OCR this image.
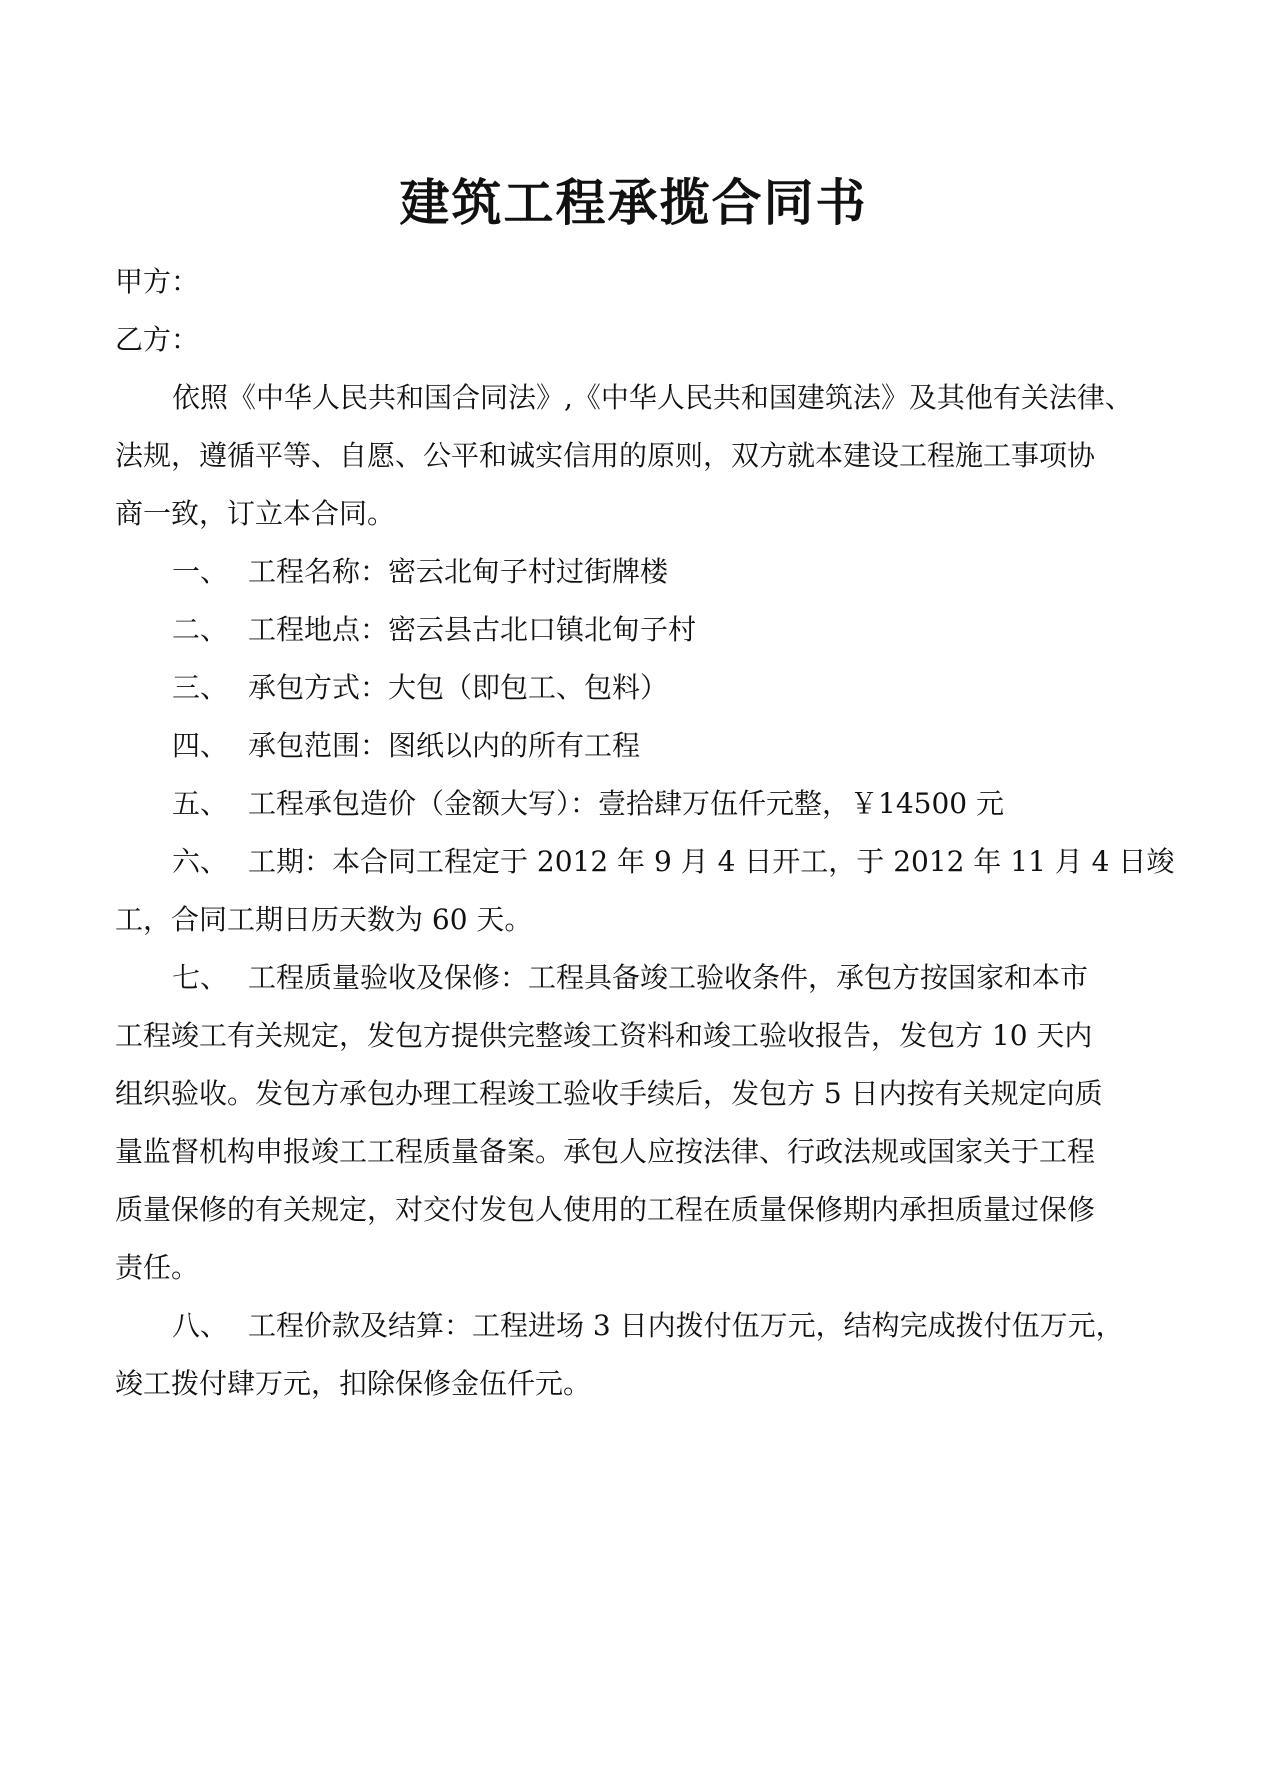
建筑工程承揽合同书
甲方：
乙方：
依照《中华人民共和国合同法》,《中华人民共和国建筑法》及其他有关法律、
法规，遵循平等、自愿、公平和诚实信用的原则，双方就本建设工程施工事项协
商一致，订立本合同。
一、 工程名称：密云北甸子村过街牌楼
二、 工程地点：密云县古北口镇北甸子村
三、 承包方式：大包（即包工、包料）
四、 承包范围：图纸以内的所有工程
五、 工程承包造价（金额大写）：壹拾肆万伍仟元整，￥14500 元
六、 工期：本合同工程定于 2012 年 9 月 4 日开工，于 2012 年 11 月 4 日竣
工，合同工期日历天数为 60 天。
七、 工程质量验收及保修：工程具备竣工验收条件，承包方按国家和本市
工程竣工有关规定，发包方提供完整竣工资料和竣工验收报告，发包方 10 天内
组织验收。发包方承包办理工程竣工验收手续后，发包方 5 日内按有关规定向质
量监督机构申报竣工工程质量备案。承包人应按法律、行政法规或国家关于工程
质量保修的有关规定，对交付发包人使用的工程在质量保修期内承担质量过保修
责任。
八、 工程价款及结算：工程进场 3 日内拨付伍万元，结构完成拨付伍万元，
竣工拨付肆万元，扣除保修金伍仟元。
